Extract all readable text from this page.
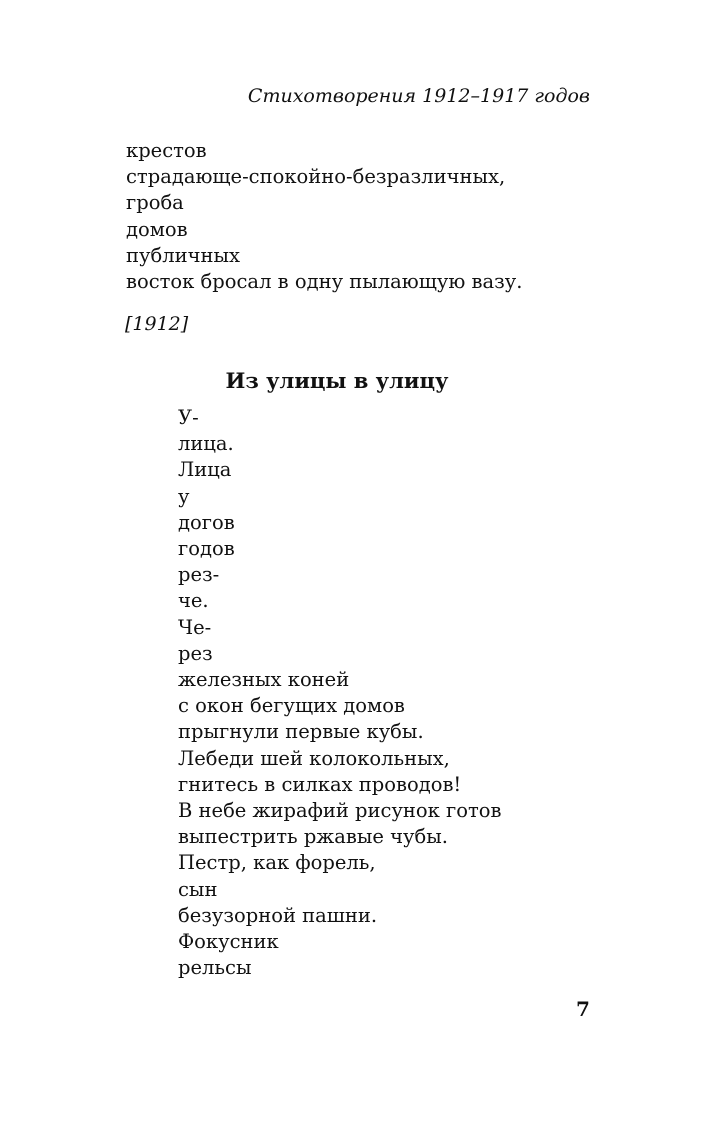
Стихотворения 1912–1917 годов
крестов
страдающе-спокойно-безразличных,
гроба
домов
публичных
восток бросал в одну пылающую вазу.
[1912]
Из улицы в улицу
У-
лица.
Лица
у
догов
годов
рез-
че.
Че-
рез
железных коней
с окон бегущих домов
прыгнули первые кубы.
Лебеди шей колокольных,
гнитесь в силках проводов!
В небе жирафий рисунок готов
выпестрить ржавые чубы.
Пестр, как форель,
сын
безузорной пашни.
Фокусник
рельсы
7
